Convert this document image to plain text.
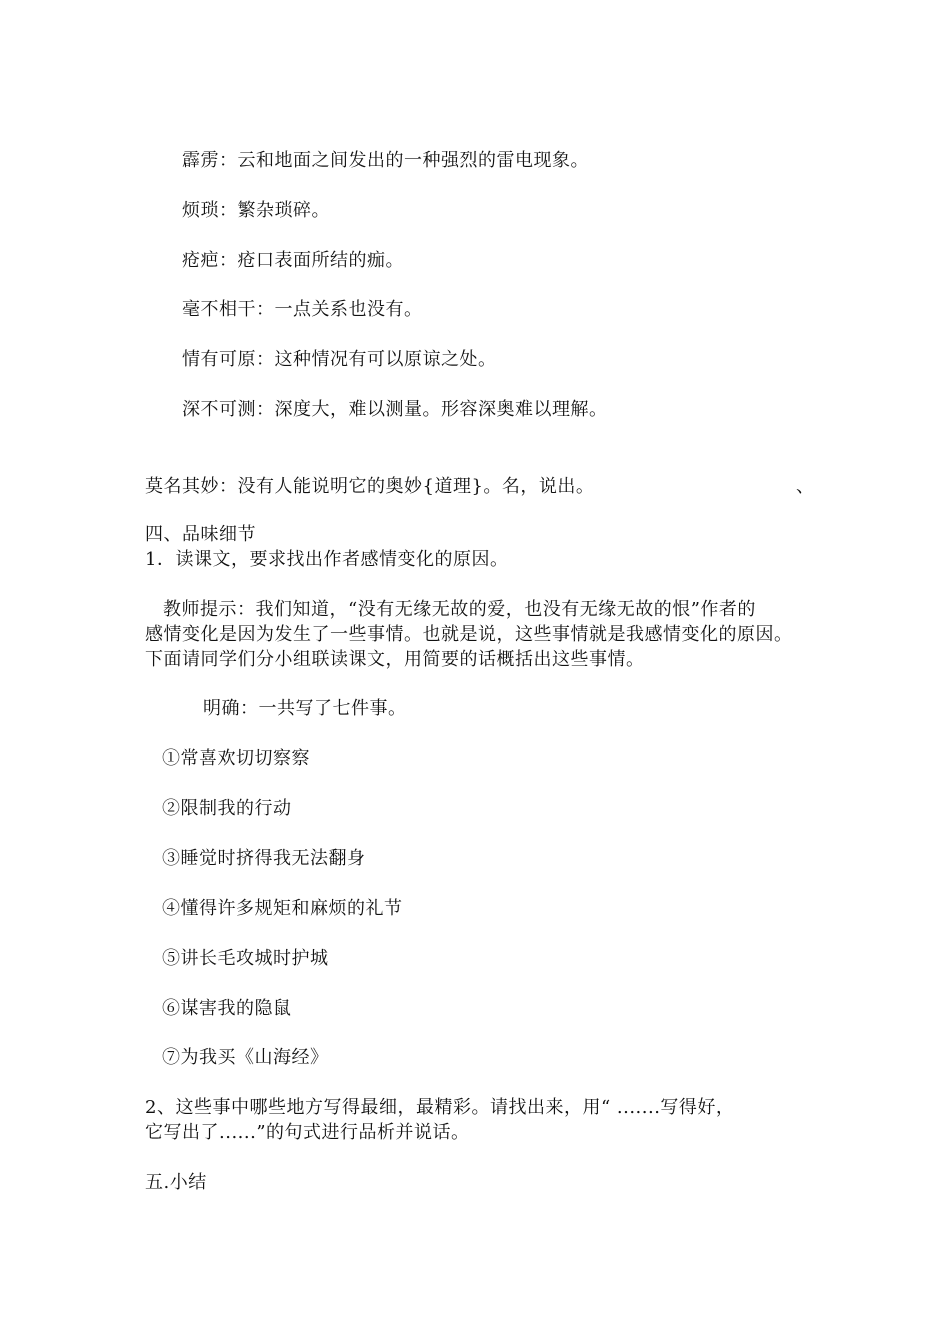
霹雳：云和地面之间发出的一种强烈的雷电现象。
烦琐：繁杂琐碎。
疮疤：疮口表面所结的痂。
毫不相干：一点关系也没有。
情有可原：这种情况有可以原谅之处。
深不可测：深度大，难以测量。形容深奥难以理解。
莫名其妙：没有人能说明它的奥妙{道理}。名，说出。	、
四、品味细节
1．读课文，要求找出作者感情变化的原因。
教师提示：我们知道，“没有无缘无故的爱，也没有无缘无故的恨”作者的
感情变化是因为发生了一些事情。也就是说，这些事情就是我感情变化的原因。
下面请同学们分小组联读课文，用简要的话概括出这些事情。
明确：一共写了七件事。
①常喜欢切切察察
②限制我的行动
③睡觉时挤得我无法翻身
④懂得许多规矩和麻烦的礼节
⑤讲长毛攻城时护城
⑥谋害我的隐鼠
⑦为我买《山海经》
2、这些事中哪些地方写得最细，最精彩。请找出来，用“ .......写得好，
它写出了......”的句式进行品析并说话。
五.小结
